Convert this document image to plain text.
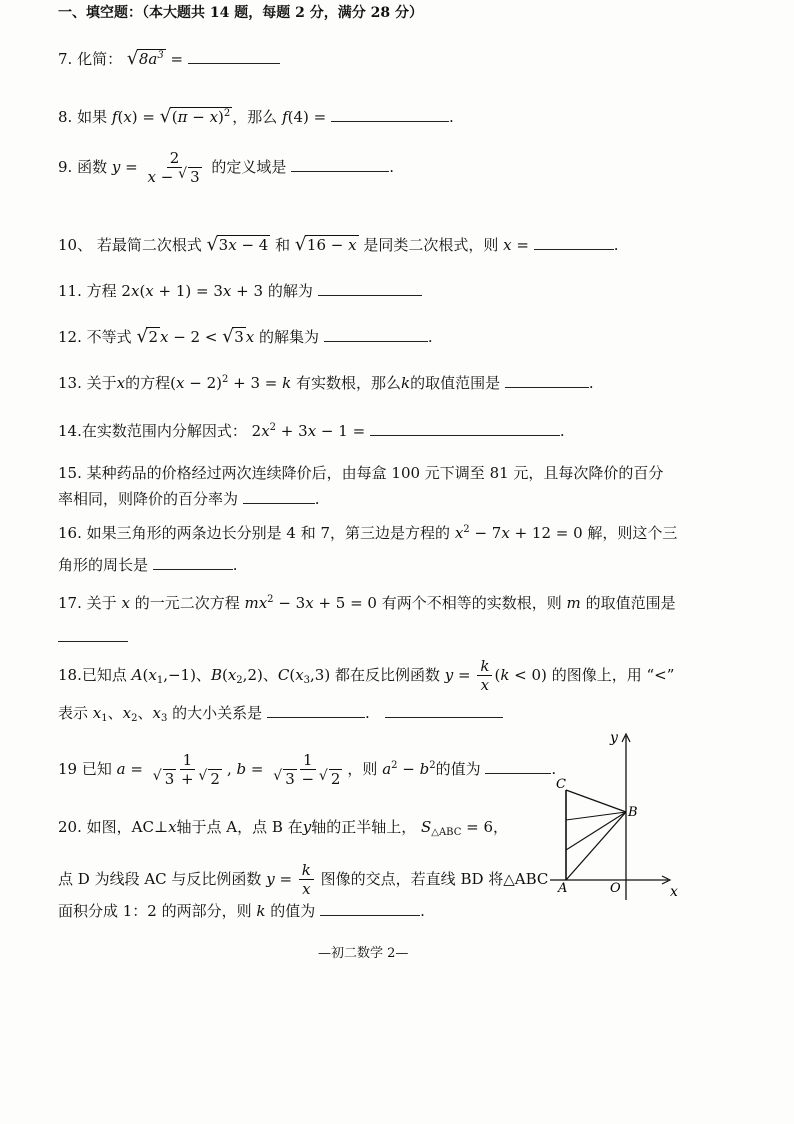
一、填空题：（本大题共 14 题，每题 2 分，满分 28 分）
7. 化简： √ $8a^3$ =
8. 如果 f(x) = √ $(\pi - x)^2$ ，那么 f(4) =	.
9. 函数 $y = \frac{2}{x - √ 3}$ 的定义域是	.
10、 若最简二次根式 √ 3x − 4 和 √ 16 − x 是同类二次根式，则 x =	.
11. 方程 2x(x + 1) = 3x + 3 的解为
12. 不等式 √ 2 x − 2 < √ 3 x 的解集为	.
13. 关于x的方程$(x - 2)^2 + 3 = k$ 有实数根，那么k的取值范围是	.
14.在实数范围内分解因式： $2x^2 + 3x - 1$ =	.
15. 某种药品的价格经过两次连续降价后，由每盒 100 元下调至 81 元，且每次降价的百分
率相同，则降价的百分率为	.
16. 如果三角形的两条边长分别是 4 和 7，第三边是方程的 $x^2 - 7x + 12 = 0$ 解，则这个三
角形的周长是	.
17. 关于 x 的一元二次方程 $mx^2 - 3x + 5 = 0$ 有两个不相等的实数根，则 m 的取值范围是
18.已知点 $A(x_1,-1)$、$B(x_2,2)$、$C(x_3,3)$ 都在反比例函数 $y = \frac{k}{x} (k < 0)$ 的图像上，用 “<”
表示 $x_1$、$x_2$、$x_3$ 的大小关系是	.
19 已知 $a = \frac{1}{√ 3 + √ 2}$ , $b = \frac{1}{√ 3 - √ 2}$ ，则 $a^2 - b^2$的值为	.
20. 如图，AC⊥x轴于点 A，点 B 在y轴的正半轴上， $S_{\triangle ABC} = 6$，
点 D 为线段 AC 与反比例函数 $y = \frac{k}{x}$ 图像的交点，若直线 BD 将△ABC
面积分成 1：2 的两部分，则 k 的值为	.
y
x
C
B
A	O
—初二数学 2—
